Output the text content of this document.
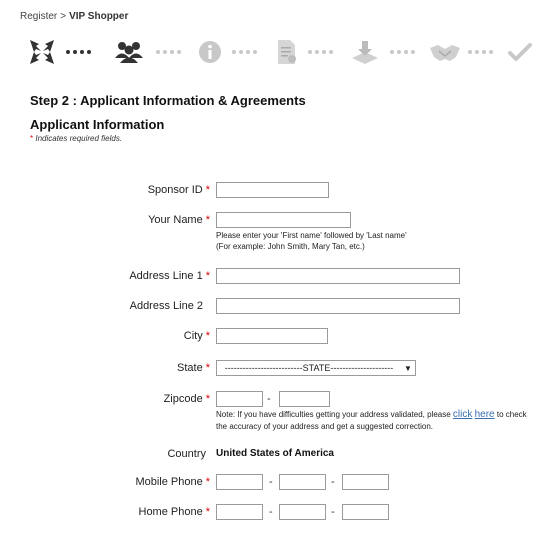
Register > VIP Shopper
Step 2 : Applicant Information & Agreements
Applicant Information
* Indicates required fields.
Sponsor ID *
Your Name *
Please enter your 'First name' followed by 'Last name'
(For example: John Smith, Mary Tan, etc.)
Address Line 1 *
Address Line 2
City *
State *	--------------------------STATE---------------------	▼
Zipcode *	-
Note: If you have difficulties getting your address validated, please click here to check the accuracy of your address and get a suggested correction.
Country United States of America
Mobile Phone *	-	-
Home Phone *	-	-
